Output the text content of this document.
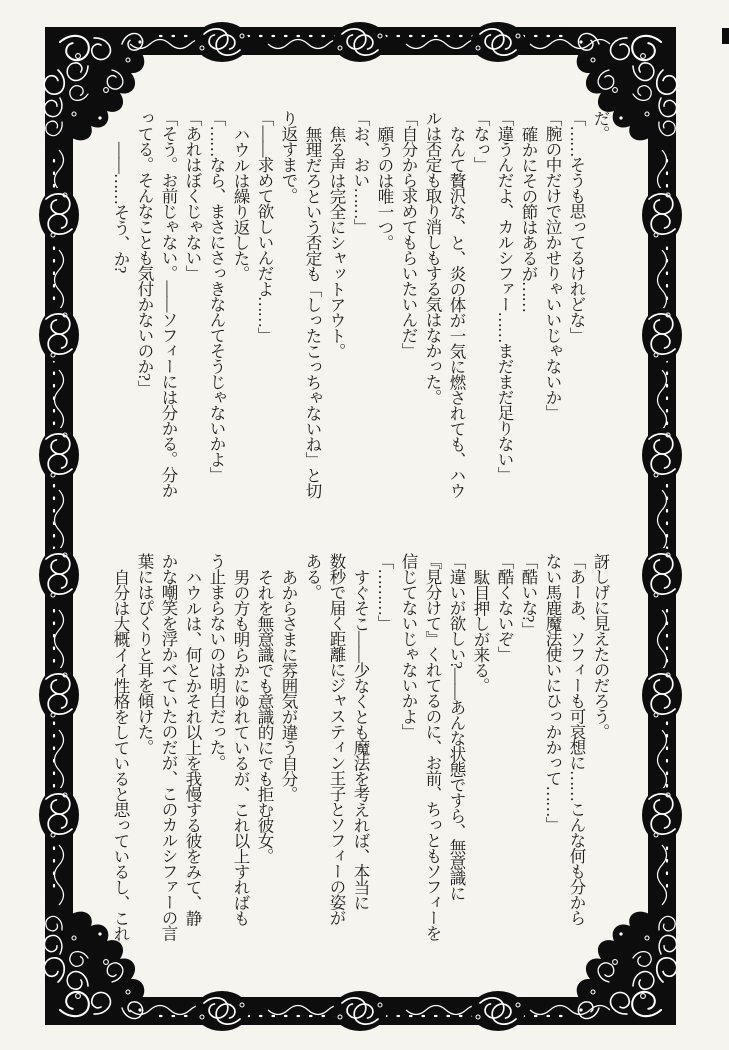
だ。

「……そうも思ってるけれどな」

「腕の中だけで泣かせりゃいいじゃないか」

確かにその節はあるが……

「違うんだよ、カルシファー……まだまだ足りない」

「なっ」

なんて贅沢な、と、炎の体が一気に燃されても、ハウ

ルは否定も取り消しもする気はなかった。

「自分から求めてもらいたいんだ」

願うのは唯一つ。

「お、おい……」

焦る声は完全にシャットアウト。

無理だろという否定も「しったこっちゃないね」と切

り返すまで。

「――求めて欲しいんだよ……」

ハウルは繰り返した。

「……なら、まさにさっきなんてそうじゃないかよ」

「あれはぼくじゃない」

「そう。お前じゃない。――ソフィーには分かる。分か

ってる。そんなことも気付かないのか?」

――……そう、か?

訝しげに見えたのだろう。

「あーあ、ソフィーも可哀想に……こんな何も分から

ない馬鹿魔法使いにひっかかって……」

「酷いな?」

「酷くないぞ」

駄目押しが来る。

「違いが欲しい?――あんな状態ですら、無意識に

『見分けて』くれてるのに、お前、ちっともソフィーを

信じてないじゃないかよ」

「………」

すぐそこ――少なくとも魔法を考えれば、本当に

数秒で届く距離にジャスティン王子とソフィーの姿が

ある。

あからさまに雰囲気が違う自分。

それを無意識でも意識的にでも拒む彼女。

男の方も明らかにゆれているが、これ以上すればも

う止まらないのは明白だった。

ハウルは、何とかそれ以上を我慢する彼をみて、静

かな嘲笑を浮かべていたのだが、このカルシファーの言

葉にはぴくりと耳を傾けた。

自分は大概イイ性格をしていると思っているし、これ
